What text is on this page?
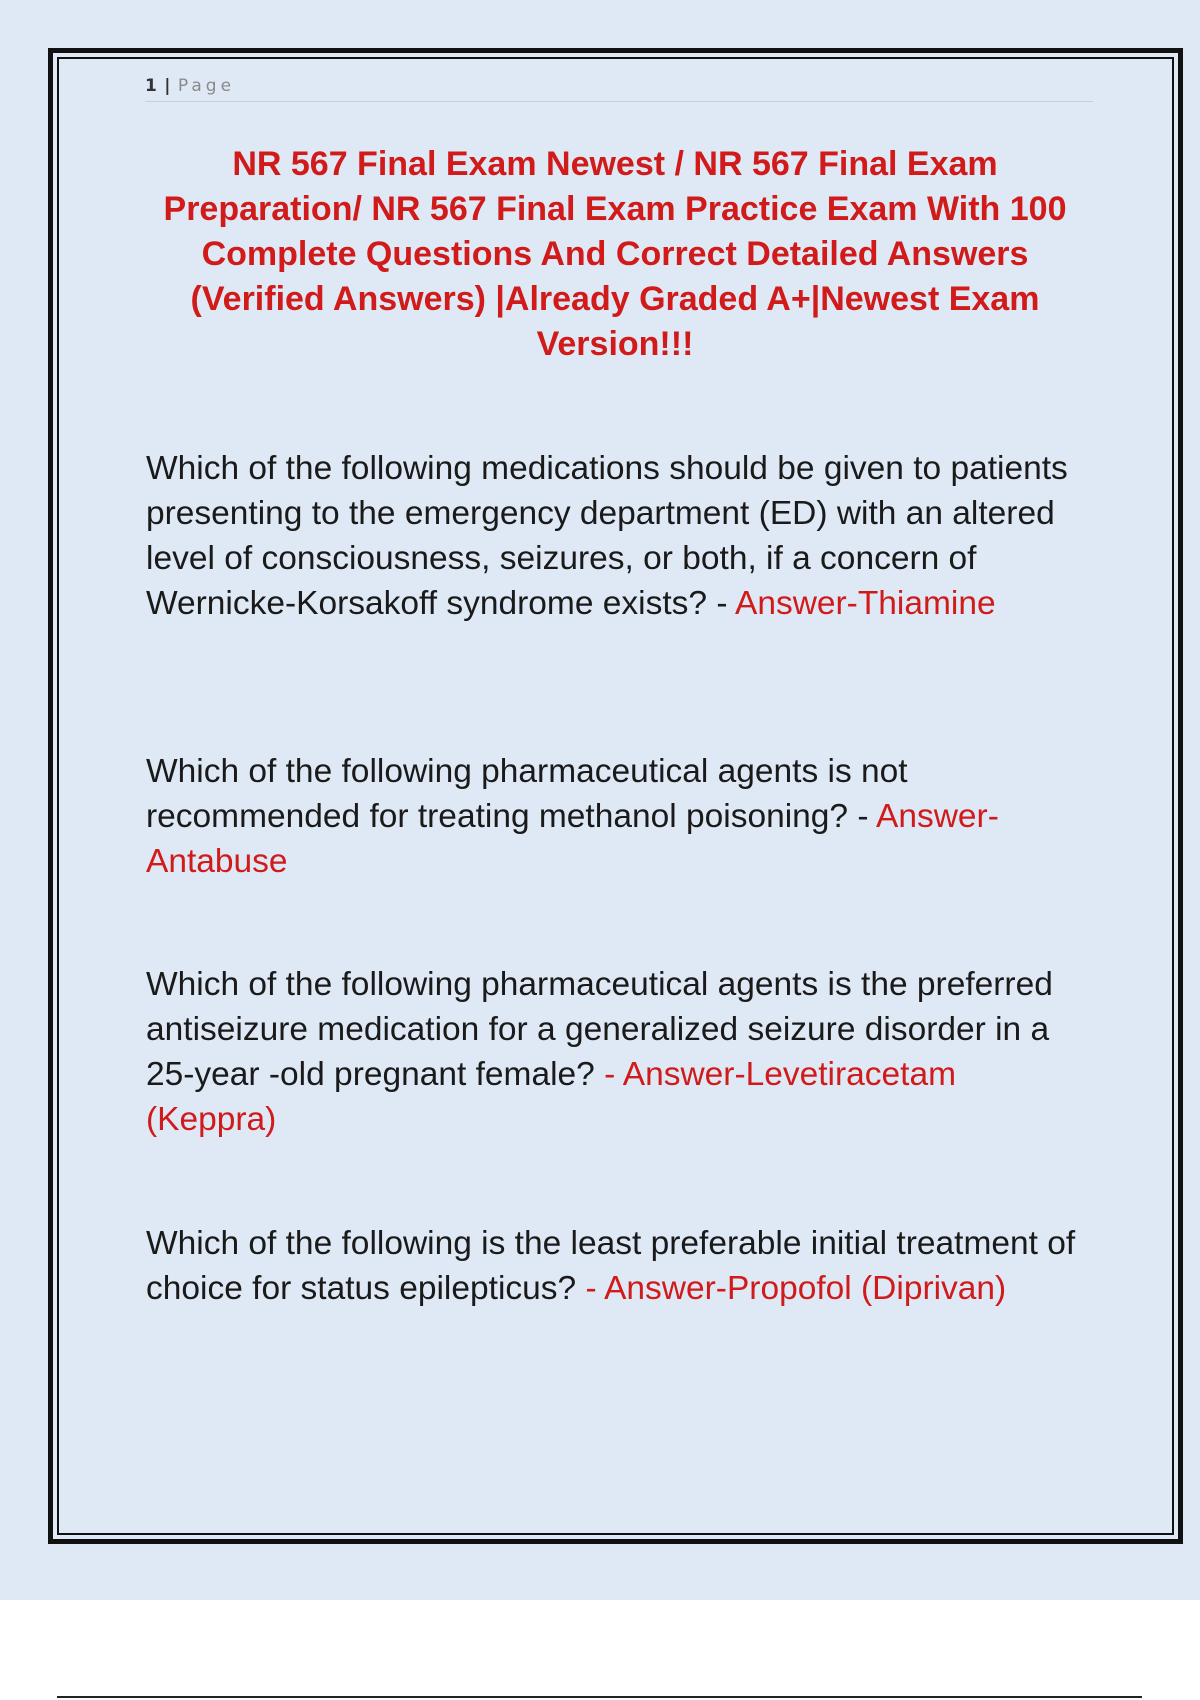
1 | Page
NR 567 Final Exam Newest / NR 567 Final Exam Preparation/ NR 567 Final Exam Practice Exam With 100 Complete Questions And Correct Detailed Answers (Verified Answers) |Already Graded A+|Newest Exam Version!!!

Which of the following medications should be given to patients presenting to the emergency department (ED) with an altered level of consciousness, seizures, or both, if a concern of Wernicke-Korsakoff syndrome exists? - Answer-Thiamine

Which of the following pharmaceutical agents is not recommended for treating methanol poisoning? - Answer-Antabuse

Which of the following pharmaceutical agents is the preferred antiseizure medication for a generalized seizure disorder in a 25-year -old pregnant female? - Answer-Levetiracetam (Keppra)

Which of the following is the least preferable initial treatment of choice for status epilepticus? - Answer-Propofol (Diprivan)
